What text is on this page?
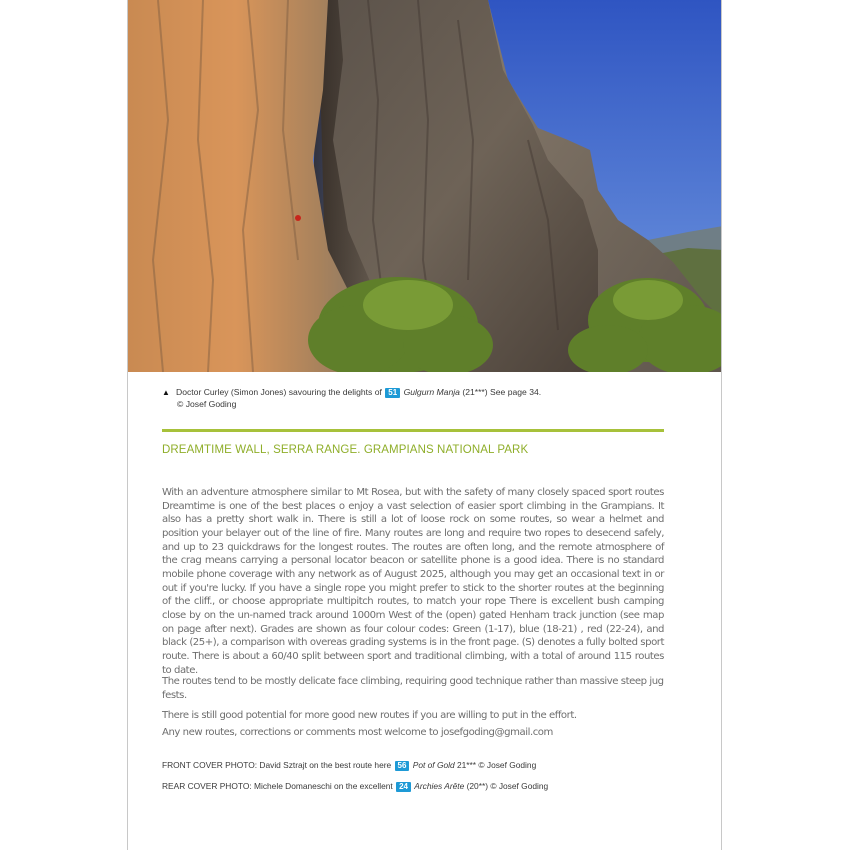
▲ Doctor Curley (Simon Jones) savouring the delights of 51 Gulgurn Manja (21***) See page 34.
© Josef Goding
DREAMTIME WALL, SERRA RANGE. GRAMPIANS NATIONAL PARK
With an adventure atmosphere similar to Mt Rosea, but with the safety of many closely spaced sport routes Dreamtime is one of the best places o enjoy a vast selection of easier sport climbing in the Grampians. It also has a pretty short walk in. There is still a lot of loose rock on some routes, so wear a helmet and position your belayer out of the line of fire. Many routes are long and require two ropes to desecend safely, and up to 23 quickdraws for the longest routes. The routes are often long, and the remote atmosphere of the crag means carrying a personal locator beacon or satellite phone is a good idea. There is no standard mobile phone coverage with any network as of August 2025, although you may get an occasional text in or out if you're lucky. If you have a single rope you might prefer to stick to the shorter routes at the beginning of the cliff., or choose appropriate multipitch routes, to match your rope There is excellent bush camping close by on the un-named track around 1000m West of the (open) gated Henham track junction (see map on page after next). Grades are shown as four colour codes: Green (1-17), blue (18-21) , red (22-24), and black (25+), a comparison with overeas grading systems is in the front page. (S) denotes a fully bolted sport route. There is about a 60/40 split between sport and traditional climbing, with a total of around 115 routes to date.
The routes tend to be mostly delicate face climbing, requiring good technique rather than massive steep jug fests.
There is still good potential for more good new routes if you are willing to put in the effort.
Any new routes, corrections or comments most welcome to josefgoding@gmail.com
FRONT COVER PHOTO: David Sztrajt on the best route here 56 Pot of Gold 21*** © Josef Goding
REAR COVER PHOTO: Michele Domaneschi on the excellent 24 Archies Arête (20**) © Josef Goding
